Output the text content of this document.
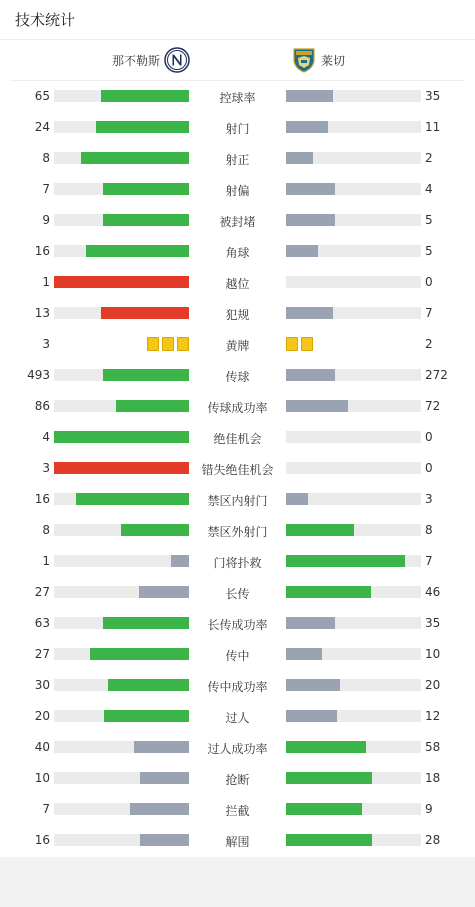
技术统计
那不勒斯	莱切
65	控球率	35
24	射门	11
8	射正	2
7	射偏	4
9	被封堵	5
16	角球	5
1	越位	0
13	犯规	7
3	黄牌	2
493	传球	272
86	传球成功率	72
4	绝佳机会	0
3	错失绝佳机会	0
16	禁区内射门	3
8	禁区外射门	8
1	门将扑救	7
27	长传	46
63	长传成功率	35
27	传中	10
30	传中成功率	20
20	过人	12
40	过人成功率	58
10	抢断	18
7	拦截	9
16	解围	28
